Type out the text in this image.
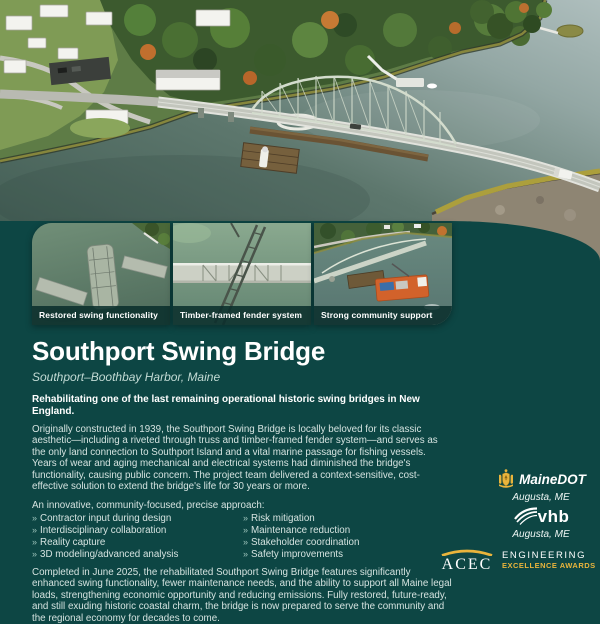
Restored swing functionality	Timber-framed fender system	Strong community support
Southport Swing Bridge
Southport–Boothbay Harbor, Maine
Rehabilitating one of the last remaining operational historic swing bridges in New England.

Originally constructed in 1939, the Southport Swing Bridge is locally beloved for its classic aesthetic—including a riveted through truss and timber-framed fender system—and serves as the only land connection to Southport Island and a vital marine passage for fishing vessels. Years of wear and aging mechanical and electrical systems had diminished the bridge's functionality, causing public concern. The project team delivered a context-sensitive, cost-effective solution to extend the bridge's life for 30 years or more.

An innovative, community-focused, precise approach:
» Contractor input during design
» Interdisciplinary collaboration
» Reality capture
» 3D modeling/advanced analysis
» Risk mitigation
» Maintenance reduction
» Stakeholder coordination
» Safety improvements

Completed in June 2025, the rehabilitated Southport Swing Bridge features significantly enhanced swing functionality, fewer maintenance needs, and the ability to support all Maine legal loads, strengthening economic opportunity and reducing emissions. Fully restored, future-ready, and still exuding historic coastal charm, the bridge is now prepared to serve the community and the regional economy for decades to come.

MaineDOT
Augusta, ME
vhb
Augusta, ME
ACEC
ENGINEERING
EXCELLENCE AWARDS
